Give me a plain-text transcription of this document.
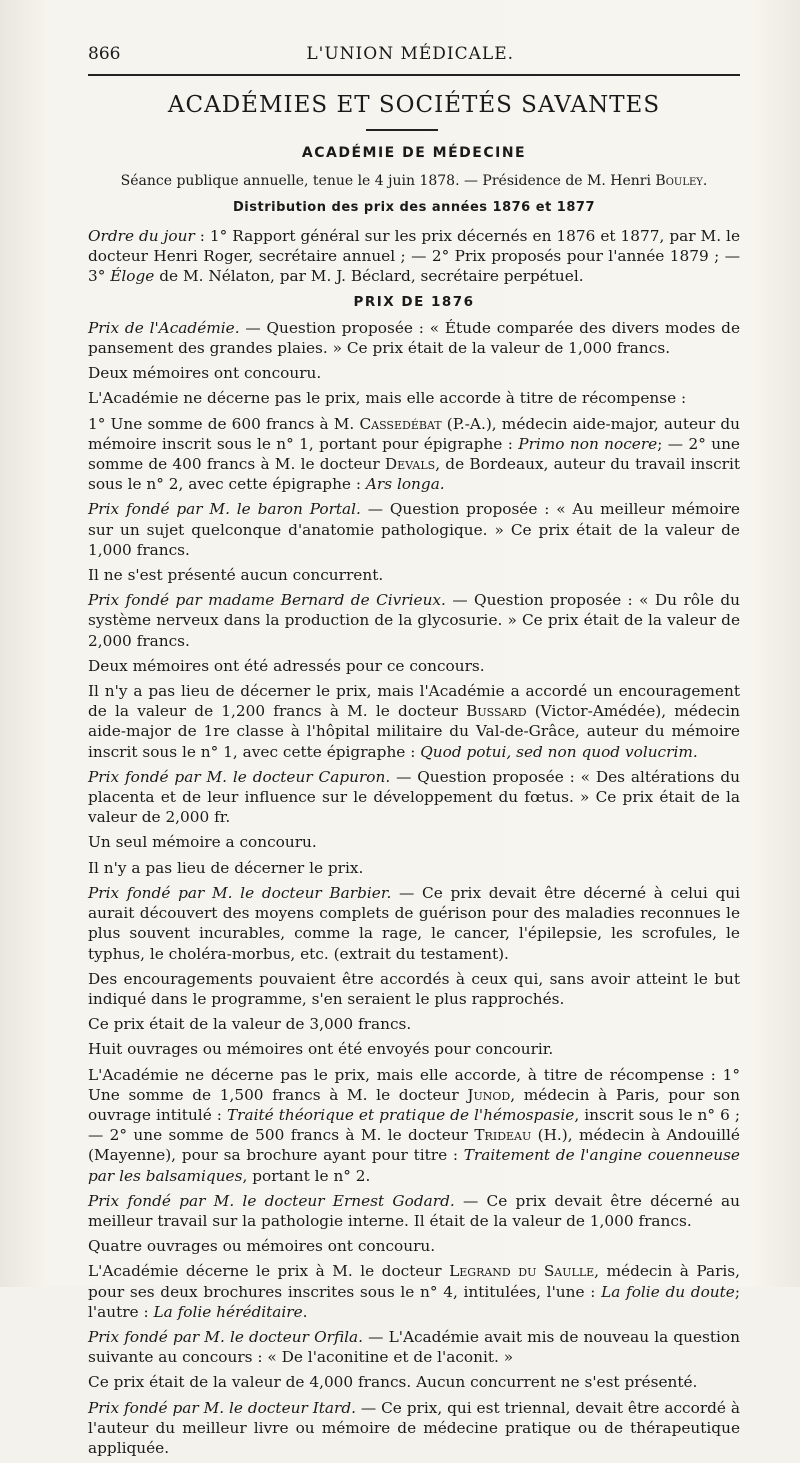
866	L'UNION MÉDICALE.
ACADÉMIES ET SOCIÉTÉS SAVANTES
ACADÉMIE DE MÉDECINE
Séance publique annuelle, tenue le 4 juin 1878. — Présidence de M. Henri Bouley.
Distribution des prix des années 1876 et 1877

Ordre du jour : 1° Rapport général sur les prix décernés en 1876 et 1877, par M. le docteur Henri Roger, secrétaire annuel ; — 2° Prix proposés pour l'année 1879 ; — 3° Éloge de M. Nélaton, par M. J. Béclard, secrétaire perpétuel.

PRIX DE 1876

Prix de l'Académie. — Question proposée : « Étude comparée des divers modes de pansement des grandes plaies. » Ce prix était de la valeur de 1,000 francs.

Deux mémoires ont concouru.

L'Académie ne décerne pas le prix, mais elle accorde à titre de récompense :

1° Une somme de 600 francs à M. Cassedébat (P.-A.), médecin aide-major, auteur du mémoire inscrit sous le n° 1, portant pour épigraphe : Primo non nocere; — 2° une somme de 400 francs à M. le docteur Devals, de Bordeaux, auteur du travail inscrit sous le n° 2, avec cette épigraphe : Ars longa.

Prix fondé par M. le baron Portal. — Question proposée : « Au meilleur mémoire sur un sujet quelconque d'anatomie pathologique. » Ce prix était de la valeur de 1,000 francs.

Il ne s'est présenté aucun concurrent.

Prix fondé par madame Bernard de Civrieux. — Question proposée : « Du rôle du système nerveux dans la production de la glycosurie. » Ce prix était de la valeur de 2,000 francs.

Deux mémoires ont été adressés pour ce concours.

Il n'y a pas lieu de décerner le prix, mais l'Académie a accordé un encouragement de la valeur de 1,200 francs à M. le docteur Bussard (Victor-Amédée), médecin aide-major de 1re classe à l'hôpital militaire du Val-de-Grâce, auteur du mémoire inscrit sous le n° 1, avec cette épigraphe : Quod potui, sed non quod volucrim.

Prix fondé par M. le docteur Capuron. — Question proposée : « Des altérations du placenta et de leur influence sur le développement du fœtus. » Ce prix était de la valeur de 2,000 fr.

Un seul mémoire a concouru.

Il n'y a pas lieu de décerner le prix.

Prix fondé par M. le docteur Barbier. — Ce prix devait être décerné à celui qui aurait découvert des moyens complets de guérison pour des maladies reconnues le plus souvent incurables, comme la rage, le cancer, l'épilepsie, les scrofules, le typhus, le choléra-morbus, etc. (extrait du testament).

Des encouragements pouvaient être accordés à ceux qui, sans avoir atteint le but indiqué dans le programme, s'en seraient le plus rapprochés.

Ce prix était de la valeur de 3,000 francs.

Huit ouvrages ou mémoires ont été envoyés pour concourir.

L'Académie ne décerne pas le prix, mais elle accorde, à titre de récompense : 1° Une somme de 1,500 francs à M. le docteur Junod, médecin à Paris, pour son ouvrage intitulé : Traité théorique et pratique de l'hémospasie, inscrit sous le n° 6 ; — 2° une somme de 500 francs à M. le docteur Trideau (H.), médecin à Andouillé (Mayenne), pour sa brochure ayant pour titre : Traitement de l'angine couenneuse par les balsamiques, portant le n° 2.

Prix fondé par M. le docteur Ernest Godard. — Ce prix devait être décerné au meilleur travail sur la pathologie interne. Il était de la valeur de 1,000 francs.

Quatre ouvrages ou mémoires ont concouru.

L'Académie décerne le prix à M. le docteur Legrand du Saulle, médecin à Paris, pour ses deux brochures inscrites sous le n° 4, intitulées, l'une : La folie du doute; l'autre : La folie héréditaire.

Prix fondé par M. le docteur Orfila. — L'Académie avait mis de nouveau la question suivante au concours : « De l'aconitine et de l'aconit. »

Ce prix était de la valeur de 4,000 francs. Aucun concurrent ne s'est présenté.

Prix fondé par M. le docteur Itard. — Ce prix, qui est triennal, devait être accordé à l'auteur du meilleur livre ou mémoire de médecine pratique ou de thérapeutique appliquée.
